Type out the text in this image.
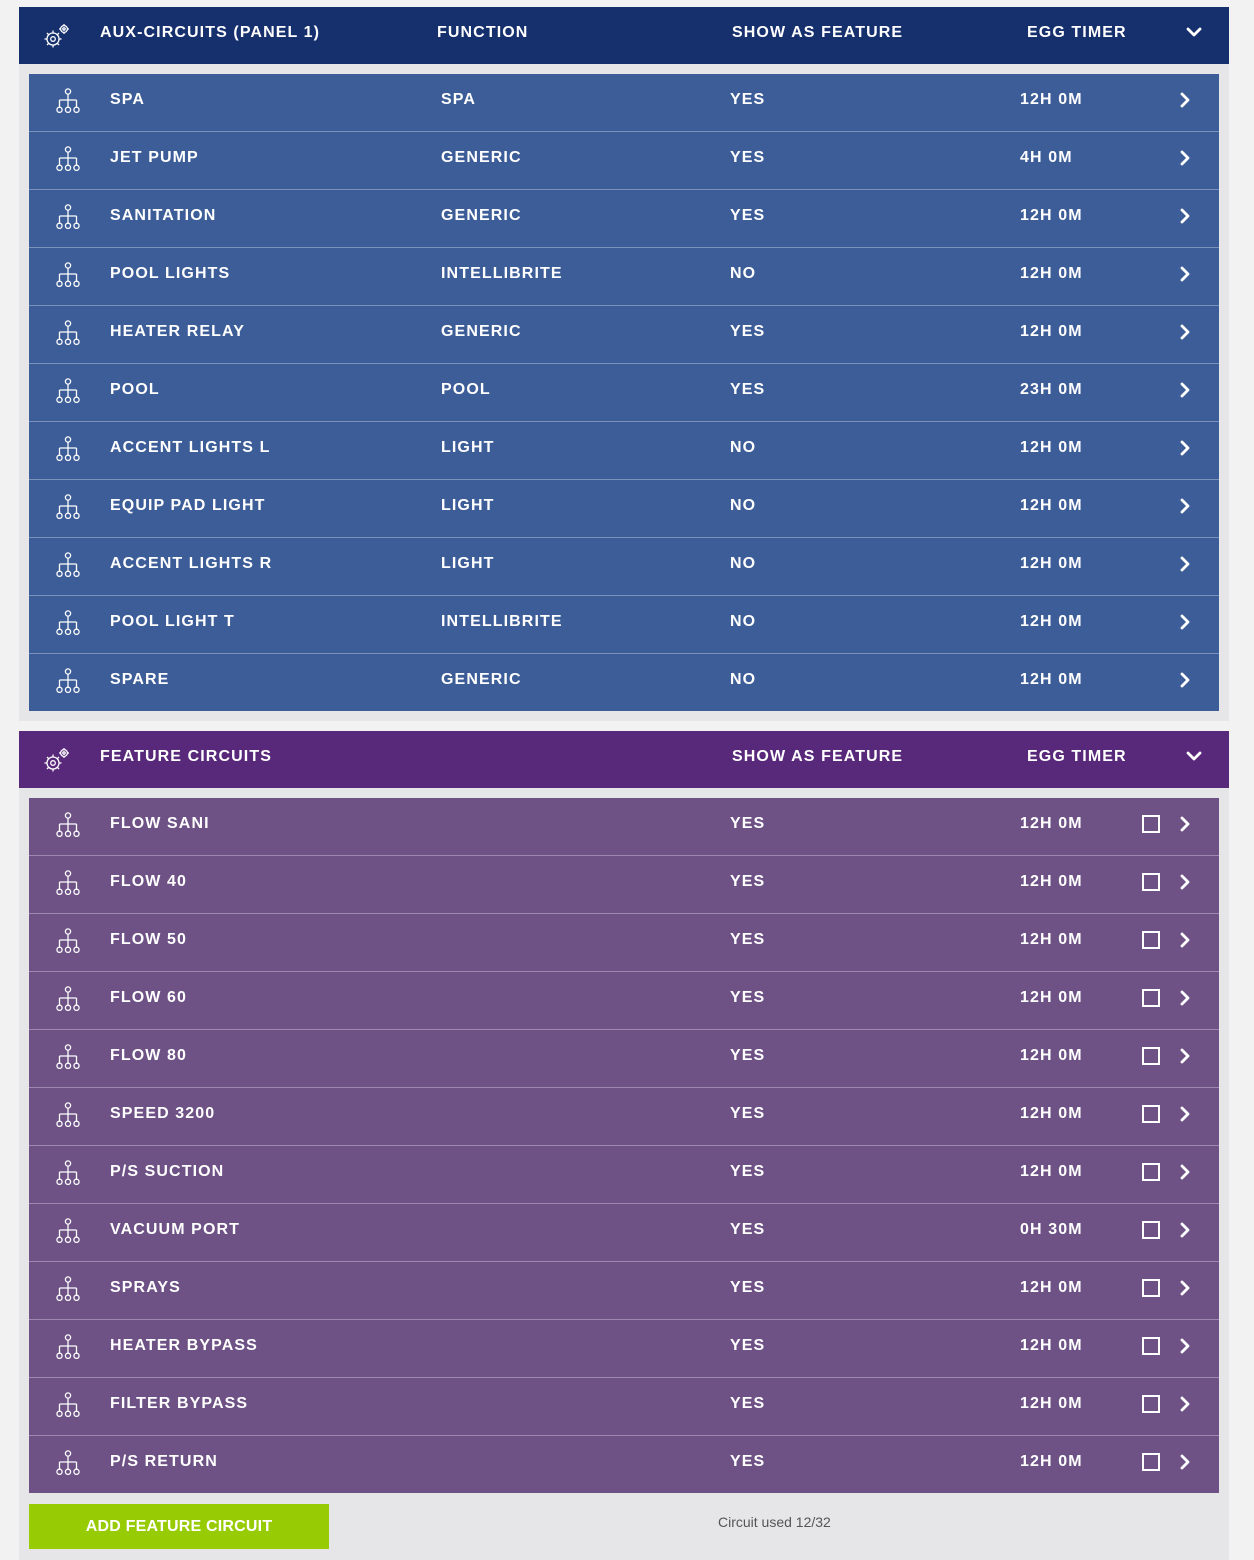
AUX-CIRCUITS (PANEL 1)	FUNCTION	SHOW AS FEATURE	EGG TIMER
SPA	SPA	YES	12H 0M
JET PUMP	GENERIC	YES	4H 0M
SANITATION	GENERIC	YES	12H 0M
POOL LIGHTS	INTELLIBRITE	NO	12H 0M
HEATER RELAY	GENERIC	YES	12H 0M
POOL	POOL	YES	23H 0M
ACCENT LIGHTS L	LIGHT	NO	12H 0M
EQUIP PAD LIGHT	LIGHT	NO	12H 0M
ACCENT LIGHTS R	LIGHT	NO	12H 0M
POOL LIGHT T	INTELLIBRITE	NO	12H 0M
SPARE	GENERIC	NO	12H 0M
FEATURE CIRCUITS	SHOW AS FEATURE	EGG TIMER
FLOW SANI	YES	12H 0M
FLOW 40	YES	12H 0M
FLOW 50	YES	12H 0M
FLOW 60	YES	12H 0M
FLOW 80	YES	12H 0M
SPEED 3200	YES	12H 0M
P/S SUCTION	YES	12H 0M
VACUUM PORT	YES	0H 30M
SPRAYS	YES	12H 0M
HEATER BYPASS	YES	12H 0M
FILTER BYPASS	YES	12H 0M
P/S RETURN	YES	12H 0M
ADD FEATURE CIRCUIT	Circuit used 12/32
